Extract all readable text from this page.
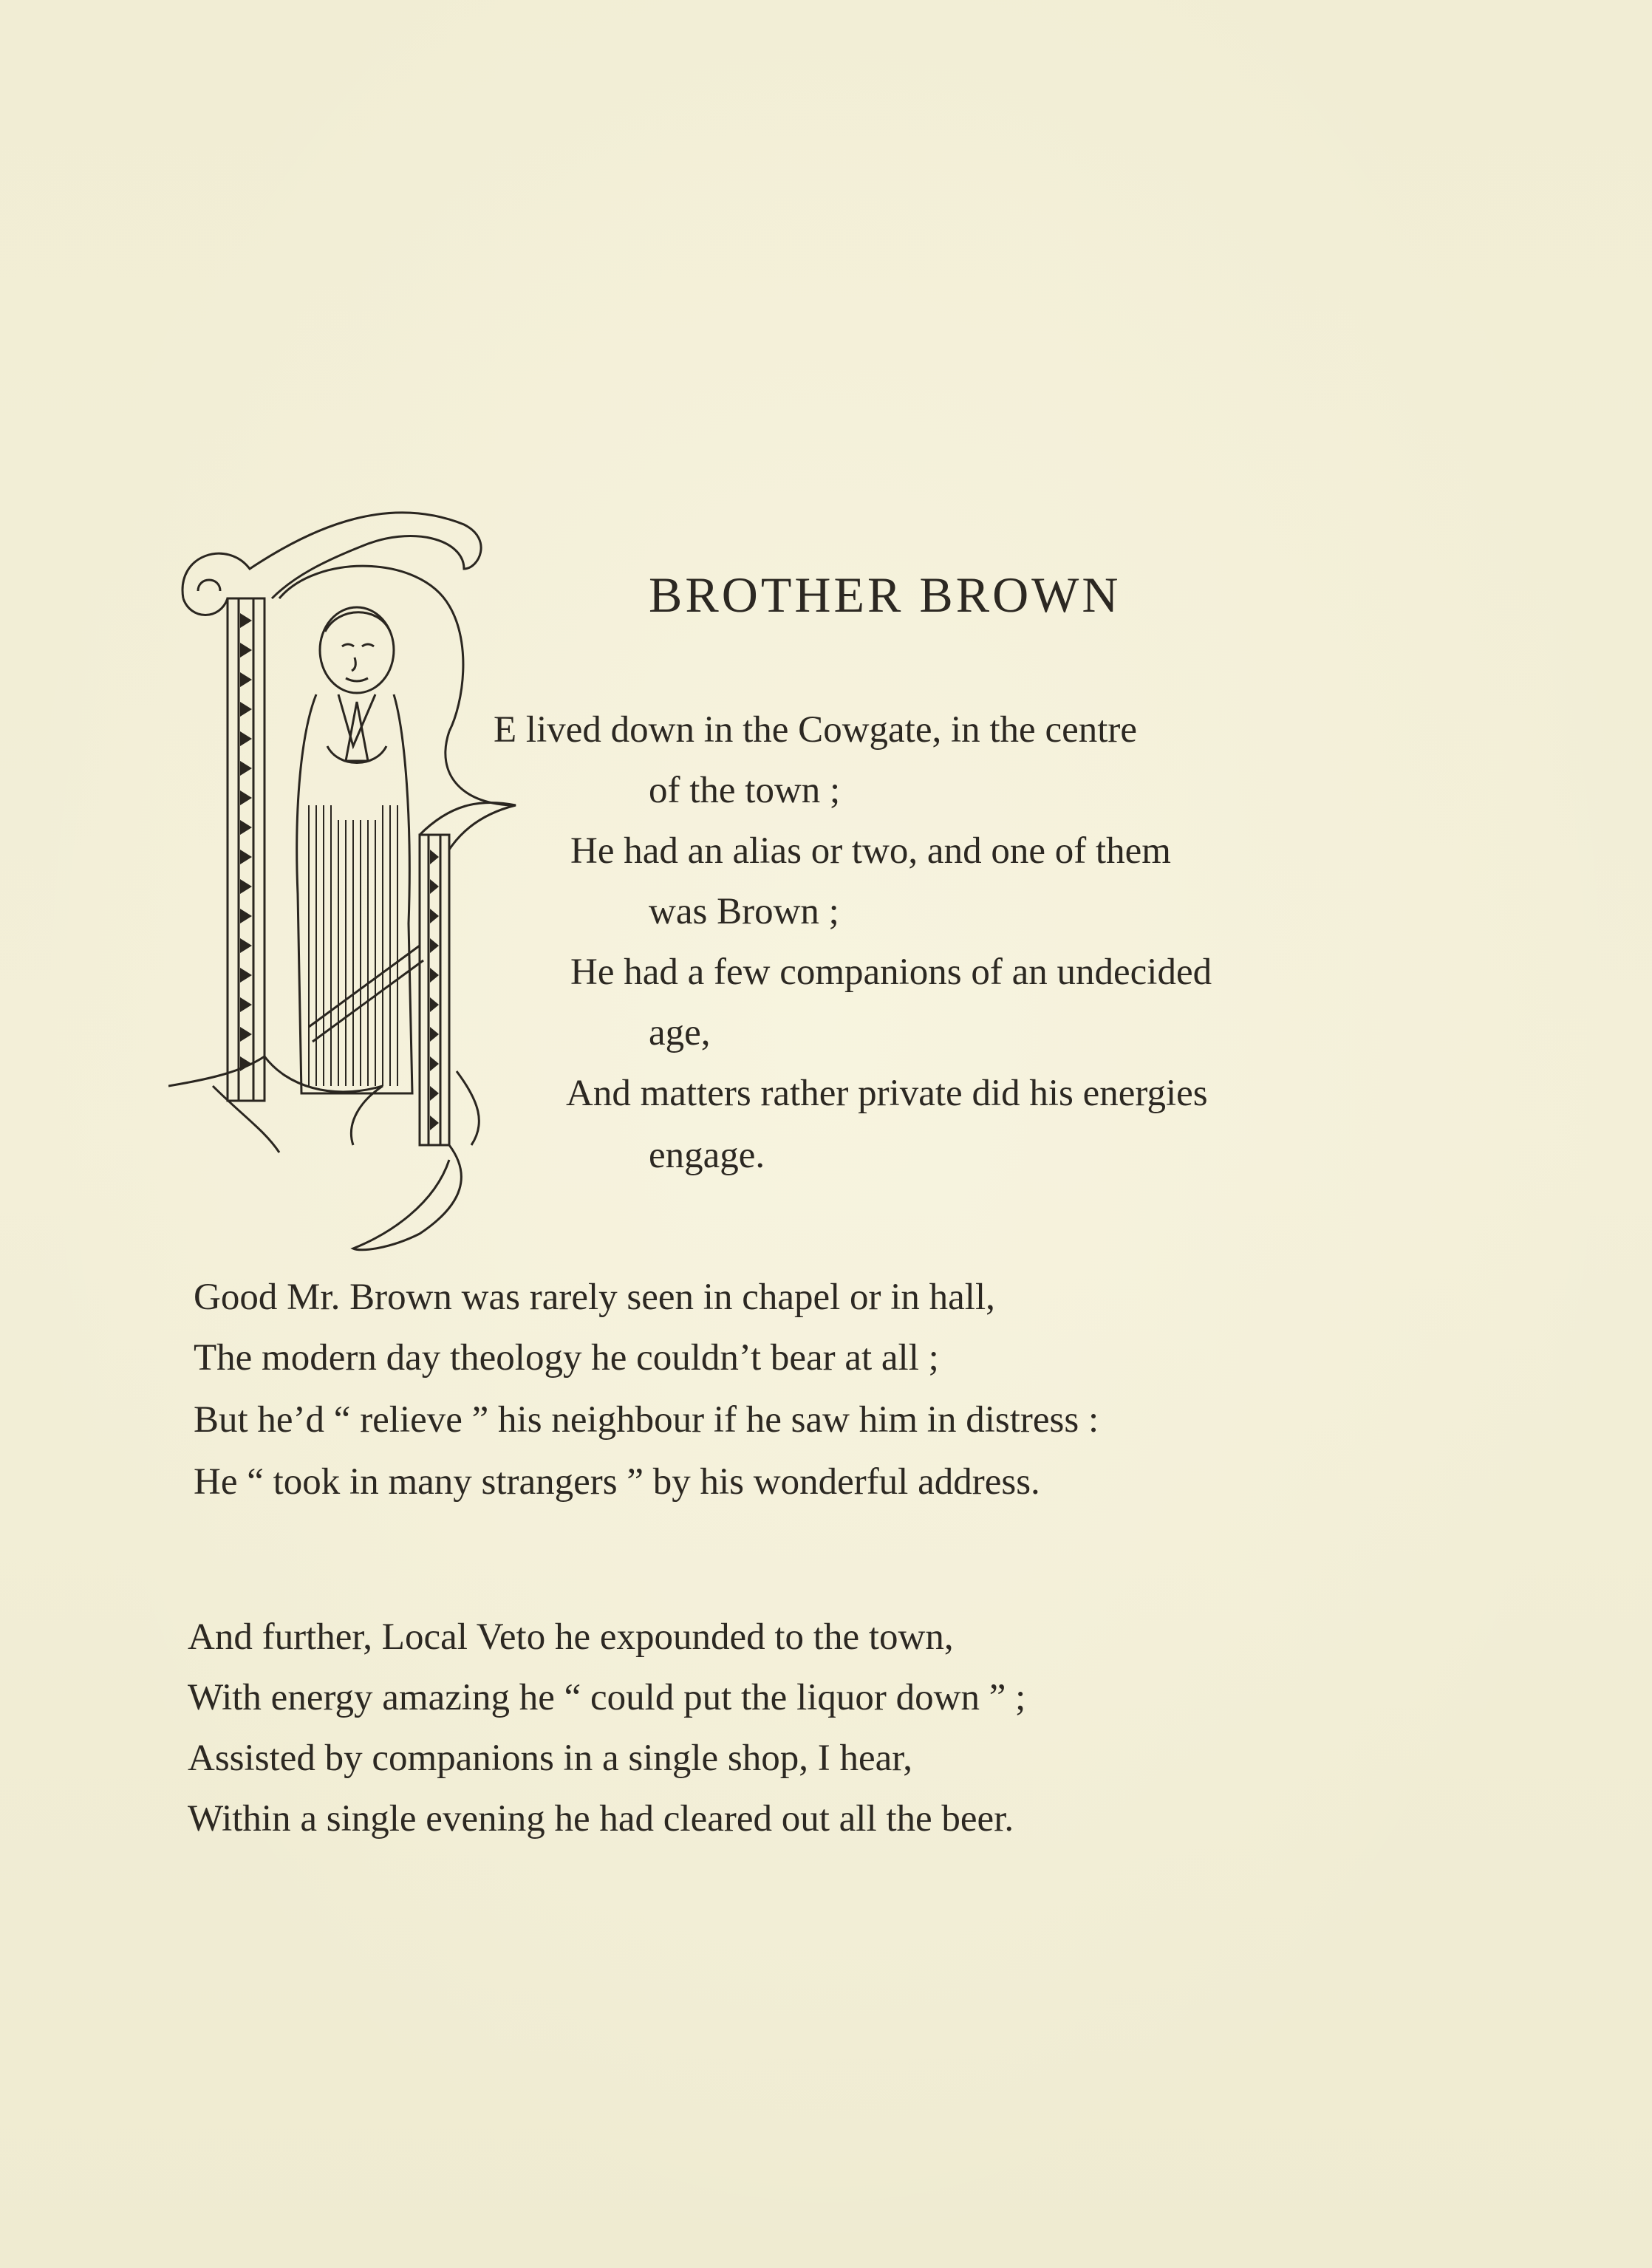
BROTHER BROWN
E lived down in the Cowgate, in the centre
of the town ;
He had an alias or two, and one of them
was Brown ;
He had a few companions of an undecided
age,
And matters rather private did his energies
engage.
Good Mr. Brown was rarely seen in chapel or in hall,
The modern day theology he couldn’t bear at all ;
But he’d “ relieve ” his neighbour if he saw him in distress :
He “ took in many strangers ” by his wonderful address.
And further, Local Veto he expounded to the town,
With energy amazing he “ could put the liquor down ” ;
Assisted by companions in a single shop, I hear,
Within a single evening he had cleared out all the beer.
